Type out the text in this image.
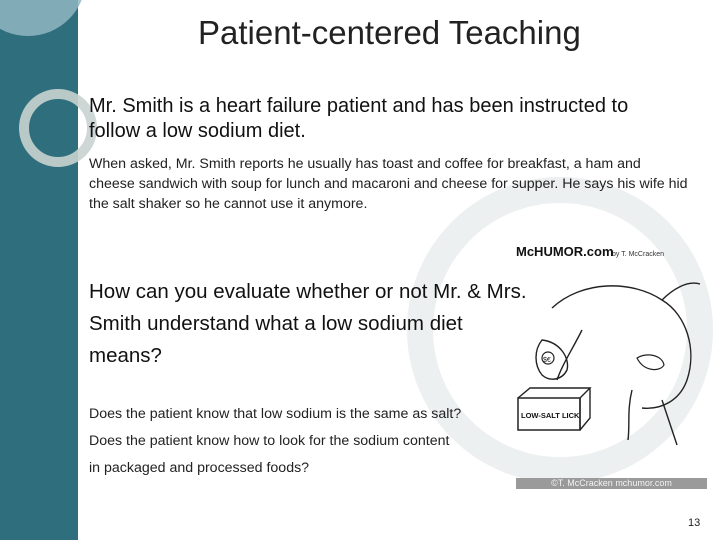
Patient-centered Teaching
Mr. Smith is a heart failure patient and has been instructed to follow a low sodium diet.
When asked, Mr. Smith reports he usually has toast and coffee for breakfast, a ham and cheese sandwich with soup for lunch and macaroni and cheese for supper. He says his wife hid the salt shaker so he cannot use it anymore.
How can you evaluate whether or not Mr. & Mrs. Smith understand what a low sodium diet means?
Does the patient know that low sodium is the same as salt?
Does the patient know how to look for the sodium content
in packaged and processed foods?
McHUMOR.com
by T. McCracken
$€
LOW-SALT LICK
©T. McCracken mchumor.com
13
